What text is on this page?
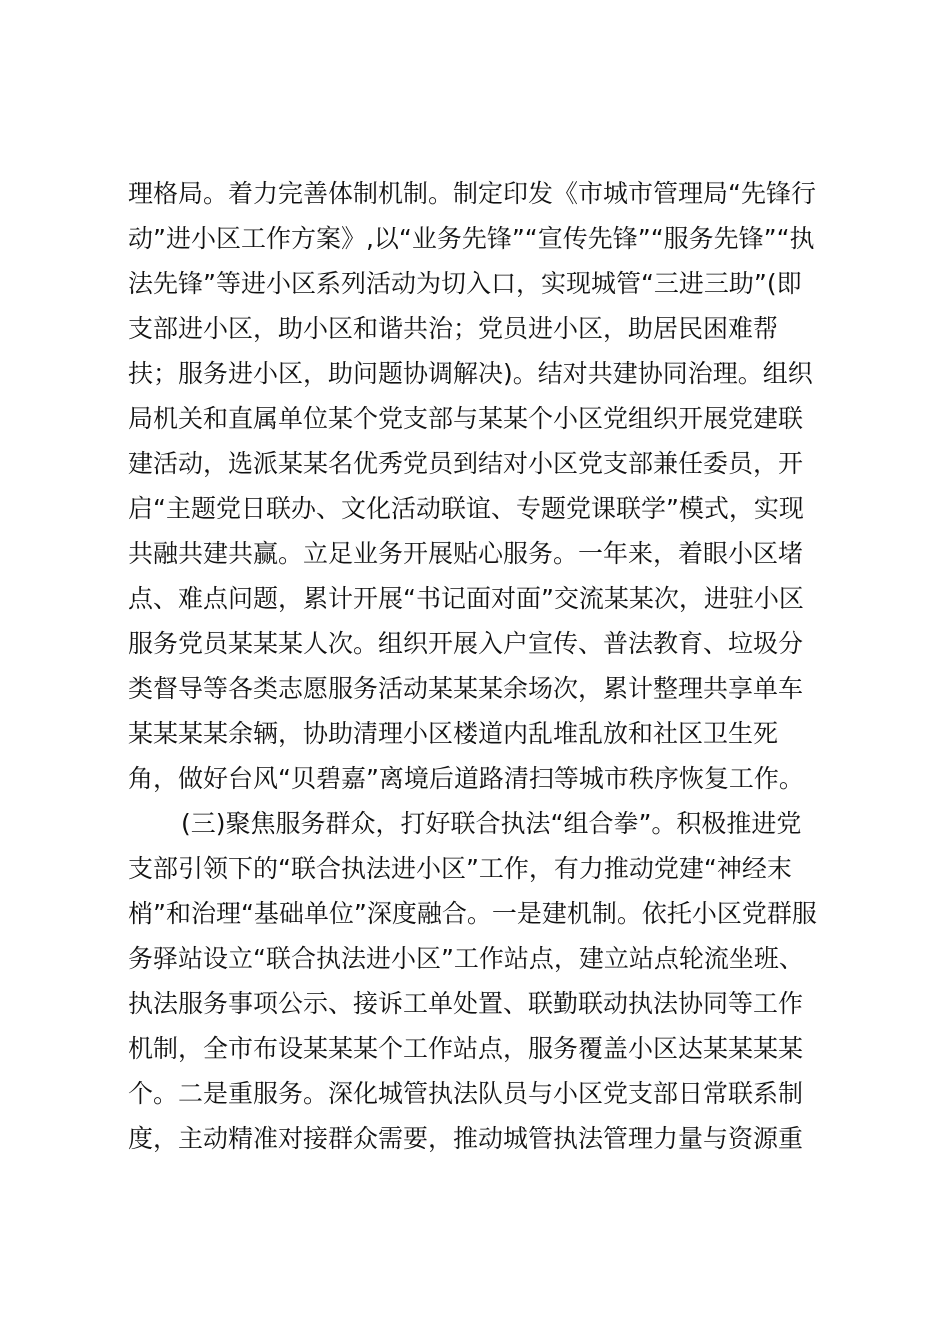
理格局。着力完善体制机制。制定印发《市城市管理局“先锋行
动”进小区工作方案》,以“业务先锋”“宣传先锋”“服务先锋”“执
法先锋”等进小区系列活动为切入口，实现城管“三进三助”(即
支部进小区，助小区和谐共治；党员进小区，助居民困难帮
扶；服务进小区，助问题协调解决)。结对共建协同治理。组织
局机关和直属单位某个党支部与某某个小区党组织开展党建联
建活动，选派某某名优秀党员到结对小区党支部兼任委员，开
启“主题党日联办、文化活动联谊、专题党课联学”模式，实现
共融共建共赢。立足业务开展贴心服务。一年来，着眼小区堵
点、难点问题，累计开展“书记面对面”交流某某次，进驻小区
服务党员某某某人次。组织开展入户宣传、普法教育、垃圾分
类督导等各类志愿服务活动某某某余场次，累计整理共享单车
某某某某余辆，协助清理小区楼道内乱堆乱放和社区卫生死
角，做好台风“贝碧嘉”离境后道路清扫等城市秩序恢复工作。
(三)聚焦服务群众，打好联合执法“组合拳”。积极推进党
支部引领下的“联合执法进小区”工作，有力推动党建“神经末
梢”和治理“基础单位”深度融合。一是建机制。依托小区党群服
务驿站设立“联合执法进小区”工作站点，建立站点轮流坐班、
执法服务事项公示、接诉工单处置、联勤联动执法协同等工作
机制，全市布设某某某个工作站点，服务覆盖小区达某某某某
个。二是重服务。深化城管执法队员与小区党支部日常联系制
度，主动精准对接群众需要，推动城管执法管理力量与资源重
